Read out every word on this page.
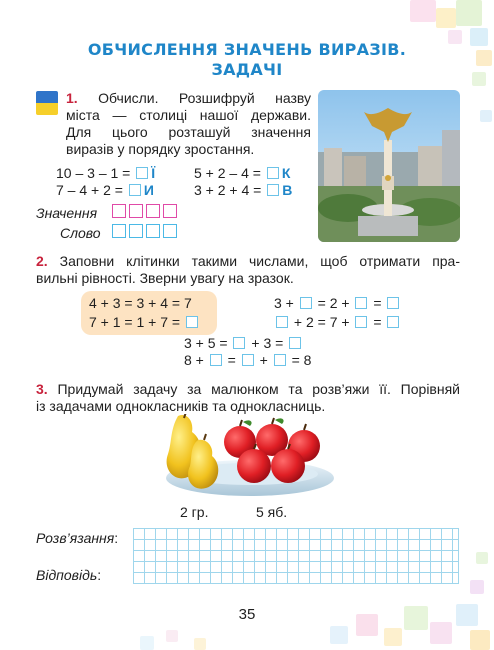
ОБЧИСЛЕННЯ ЗНАЧЕНЬ ВИРАЗІВ.
ЗАДАЧІ
1. Обчисли. Розшифруй назву
міста — столиці нашої держави.
Для цього розташуй значення
виразів у порядку зростання.
10 – 3 – 1 = Ї	5 + 2 – 4 = К
7 – 4 + 2 = И	3 + 2 + 4 = В
Значення
Слово
2. Заповни клітинки такими числами, щоб отримати пра-
вильні рівності. Зверни увагу на зразок.
4 + 3 = 3 + 4 = 7
7 + 1 = 1 + 7 =
3 + = 2 + =
+ 2 = 7 + =
3 + 5 = + 3 =
8 + = + = 8
3. Придумай задачу за малюнком та розв’яжи її. Порівняй
із задачами однокласників та однокласниць.
2 гр.	5 яб.
Розв’язання:
Відповідь:
35
